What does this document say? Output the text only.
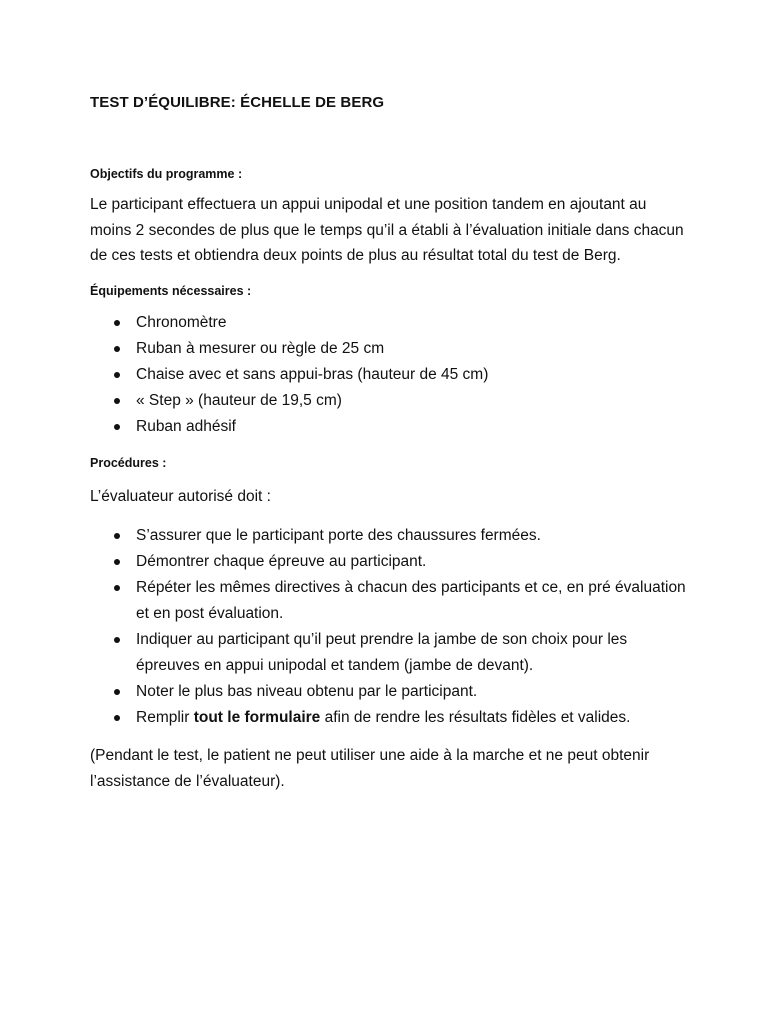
TEST D’ÉQUILIBRE: ÉCHELLE DE BERG

Objectifs du programme :

Le participant effectuera un appui unipodal et une position tandem en ajoutant au moins 2 secondes de plus que le temps qu’il a établi à l’évaluation initiale dans chacun de ces tests et obtiendra deux points de plus au résultat total du test de Berg.

Équipements nécessaires :

Chronomètre
Ruban à mesurer ou règle de 25 cm
Chaise avec et sans appui-bras (hauteur de 45 cm)
« Step » (hauteur de 19,5 cm)
Ruban adhésif

Procédures :

L’évaluateur autorisé doit :

S’assurer que le participant porte des chaussures fermées.
Démontrer chaque épreuve au participant.
Répéter les mêmes directives à chacun des participants et ce, en pré évaluation et en post évaluation.
Indiquer au participant qu’il peut prendre la jambe de son choix pour les épreuves en appui unipodal et tandem (jambe de devant).
Noter le plus bas niveau obtenu par le participant.
Remplir tout le formulaire afin de rendre les résultats fidèles et valides.

(Pendant le test, le patient ne peut utiliser une aide à la marche et ne peut obtenir l’assistance de l’évaluateur).
